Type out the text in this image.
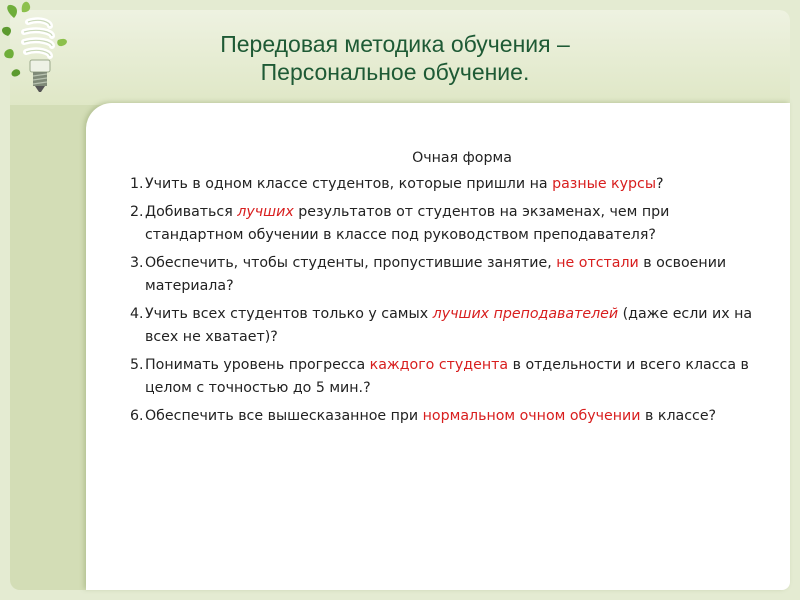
Передовая методика обучения –
Персональное обучение.
Очная форма
1.Учить в одном классе студентов, которые пришли на разные курсы?
2.Добиваться лучших результатов от студентов на экзаменах, чем при стандартном обучении в классе под руководством преподавателя?
3.Обеспечить, чтобы студенты, пропустившие занятие, не отстали в освоении материала?
4.Учить всех студентов только у самых лучших преподавателей (даже если их на всех не хватает)?
5.Понимать уровень прогресса каждого студента в отдельности и всего класса в целом с точностью до 5 мин.?
6.Обеспечить все вышесказанное при нормальном очном обучении в классе?
